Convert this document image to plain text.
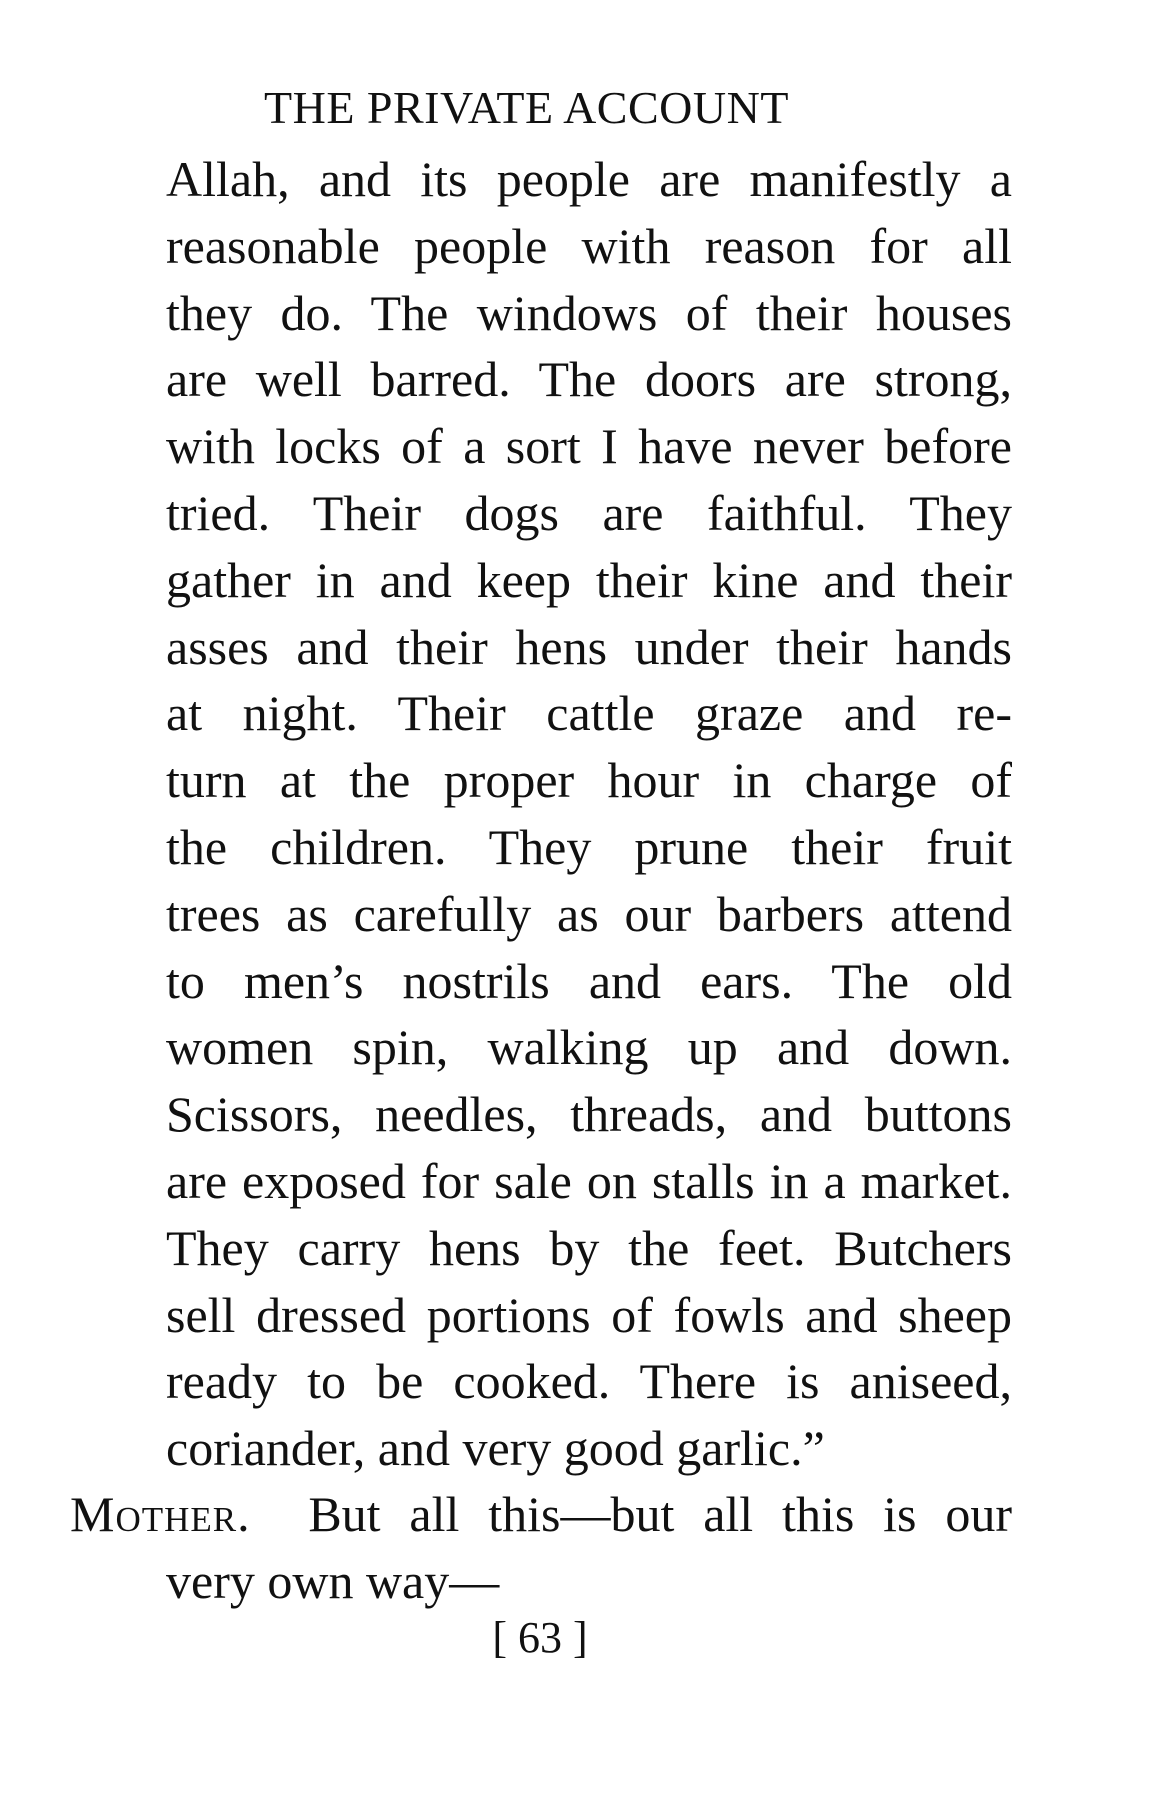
THE PRIVATE ACCOUNT
Allah, and its people are manifestly a
reasonable people with reason for all
they do. The windows of their houses
are well barred. The doors are strong,
with locks of a sort I have never before
tried. Their dogs are faithful. They
gather in and keep their kine and their
asses and their hens under their hands
at night. Their cattle graze and re-
turn at the proper hour in charge of
the children. They prune their fruit
trees as carefully as our barbers attend
to men’s nostrils and ears. The old
women spin, walking up and down.
Scissors, needles, threads, and buttons
are exposed for sale on stalls in a market.
They carry hens by the feet. Butchers
sell dressed portions of fowls and sheep
ready to be cooked. There is aniseed,
coriander, and very good garlic.”
Mother. But all this—but all this is our
very own way—
[ 63 ]
